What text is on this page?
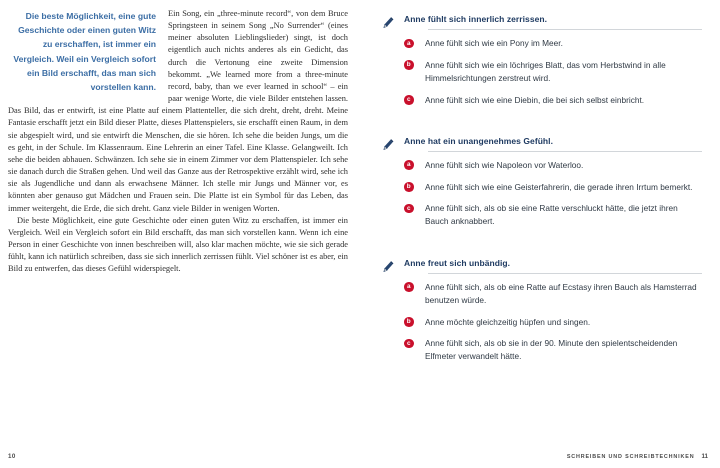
Die beste Möglichkeit, eine gute Geschichte oder einen guten Witz zu erschaffen, ist immer ein Vergleich. Weil ein Vergleich sofort ein Bild erschafft, das man sich vorstellen kann.

Ein Song, ein „three-minute record“, von dem Bruce Springsteen in seinem Song „No Surrender“ (eines meiner absoluten Lieblingslieder) singt, ist doch eigentlich auch nichts anderes als ein Gedicht, das durch die Vertonung eine zweite Dimension bekommt. „We learned more from a three-minute record, baby, than we ever learned in school“ – ein paar wenige Worte, die viele Bilder entstehen lassen. Das Bild, das er entwirft, ist eine Platte auf einem Plattenteller, die sich dreht, dreht, dreht. Meine Fantasie erschafft jetzt ein Bild dieser Platte, dieses Plattenspielers, sie erschafft einen Raum, in dem sie abgespielt wird, und sie entwirft die Menschen, die sie hören. Ich sehe die beiden Jungs, um die es geht, in der Schule. Im Klassenraum. Eine Lehrerin an einer Tafel. Eine Klasse. Gelangweilt. Ich sehe die beiden abhauen. Schwänzen. Ich sehe sie in einem Zimmer vor dem Plattenspieler. Ich sehe sie danach durch die Straßen gehen. Und weil das Ganze aus der Retrospektive erzählt wird, sehe ich sie als Jugendliche und dann als erwachsene Männer. Ich stelle mir Jungs und Männer vor, es könnten aber genauso gut Mädchen und Frauen sein. Die Platte ist ein Symbol für das Leben, das immer weitergeht, die Erde, die sich dreht. Ganz viele Bilder in wenigen Worten.

Die beste Möglichkeit, eine gute Geschichte oder einen guten Witz zu erschaffen, ist immer ein Vergleich. Weil ein Vergleich sofort ein Bild erschafft, das man sich vorstellen kann. Wenn ich eine Person in einer Geschichte von innen beschreiben will, also klar machen möchte, wie sie sich gerade fühlt, kann ich natürlich schreiben, dass sie sich innerlich zerrissen fühlt. Viel schöner ist es aber, ein Bild zu entwerfen, das dieses Gefühl widerspiegelt.

10
Anne fühlt sich innerlich zerrissen.
a	Anne fühlt sich wie ein Pony im Meer.
b	Anne fühlt sich wie ein löchriges Blatt, das vom Herbstwind in alle Himmelsrichtungen zerstreut wird.
c	Anne fühlt sich wie eine Diebin, die bei sich selbst einbricht.
Anne hat ein unangenehmes Gefühl.
a	Anne fühlt sich wie Napoleon vor Waterloo.
b	Anne fühlt sich wie eine Geisterfahrerin, die gerade ihren Irrtum bemerkt.
c	Anne fühlt sich, als ob sie eine Ratte verschluckt hätte, die jetzt ihren Bauch anknabbert.
Anne freut sich unbändig.
a	Anne fühlt sich, als ob eine Ratte auf Ecstasy ihren Bauch als Hamsterrad benutzen würde.
b	Anne möchte gleichzeitig hüpfen und singen.
c	Anne fühlt sich, als ob sie in der 90. Minute den spielentscheidenden Elfmeter verwandelt hätte.
SCHREIBEN UND SCHREIBTECHNIKEN 11
